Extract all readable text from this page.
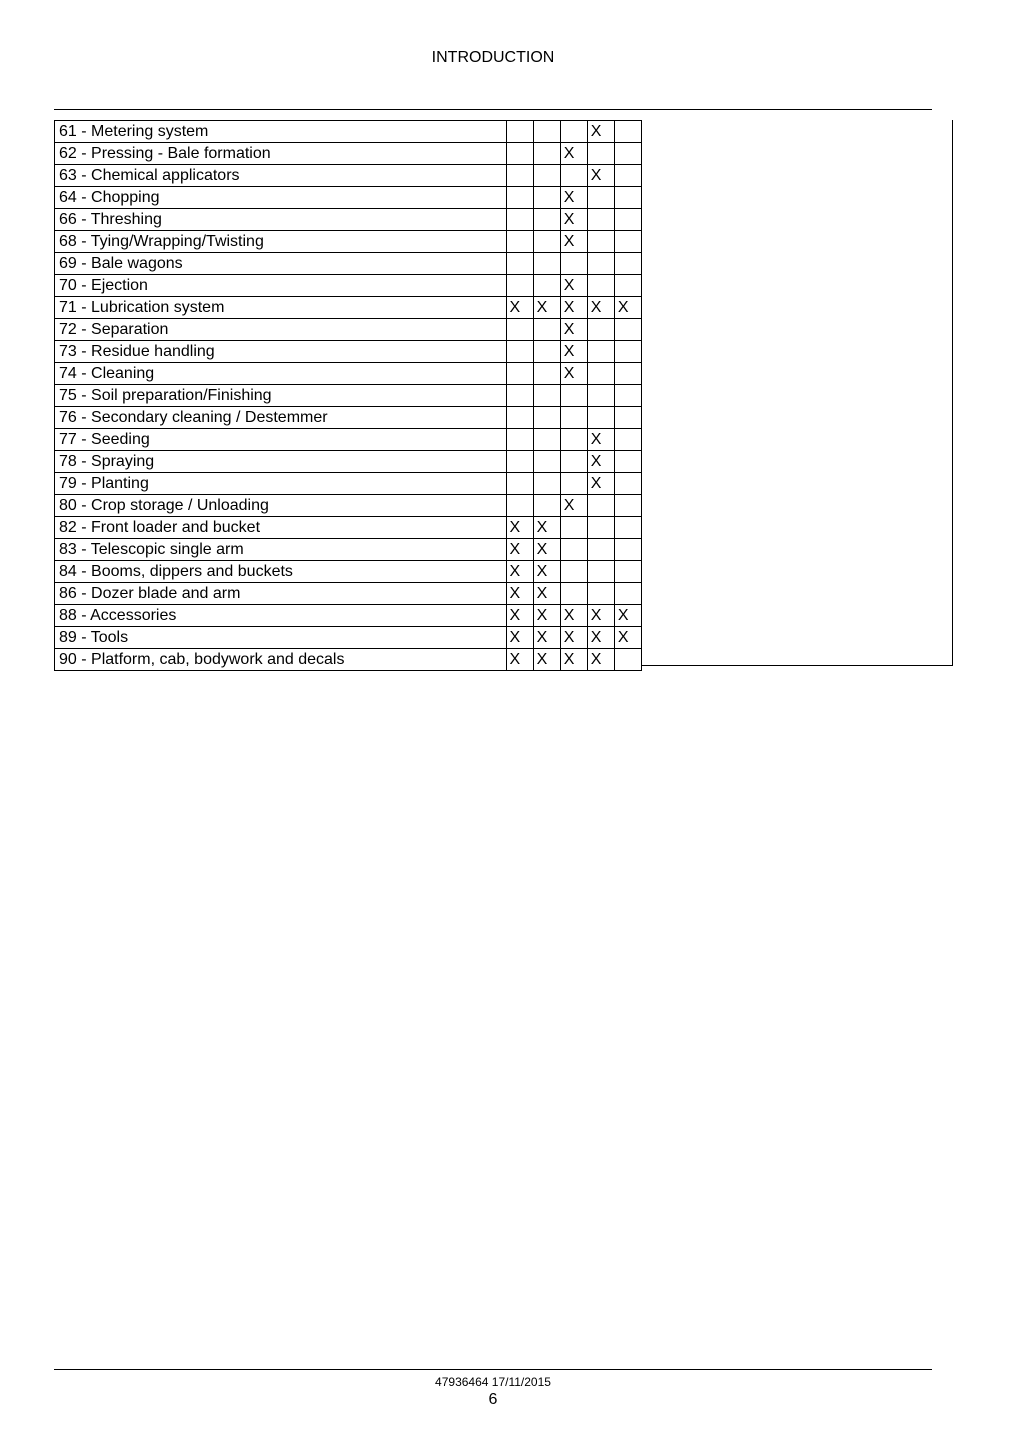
INTRODUCTION
61 - Metering system				X	
62 - Pressing - Bale formation			X		
63 - Chemical applicators				X	
64 - Chopping			X		
66 - Threshing			X		
68 - Tying/Wrapping/Twisting			X		
69 - Bale wagons					
70 - Ejection			X		
71 - Lubrication system	X	X	X	X	X
72 - Separation			X		
73 - Residue handling			X		
74 - Cleaning			X		
75 - Soil preparation/Finishing					
76 - Secondary cleaning / Destemmer					
77 - Seeding				X	
78 - Spraying				X	
79 - Planting				X	
80 - Crop storage / Unloading			X		
82 - Front loader and bucket	X	X			
83 - Telescopic single arm	X	X			
84 - Booms, dippers and buckets	X	X			
86 - Dozer blade and arm	X	X			
88 - Accessories	X	X	X	X	X
89 - Tools	X	X	X	X	X
90 - Platform, cab, bodywork and decals	X	X	X	X	
47936464 17/11/2015
6
